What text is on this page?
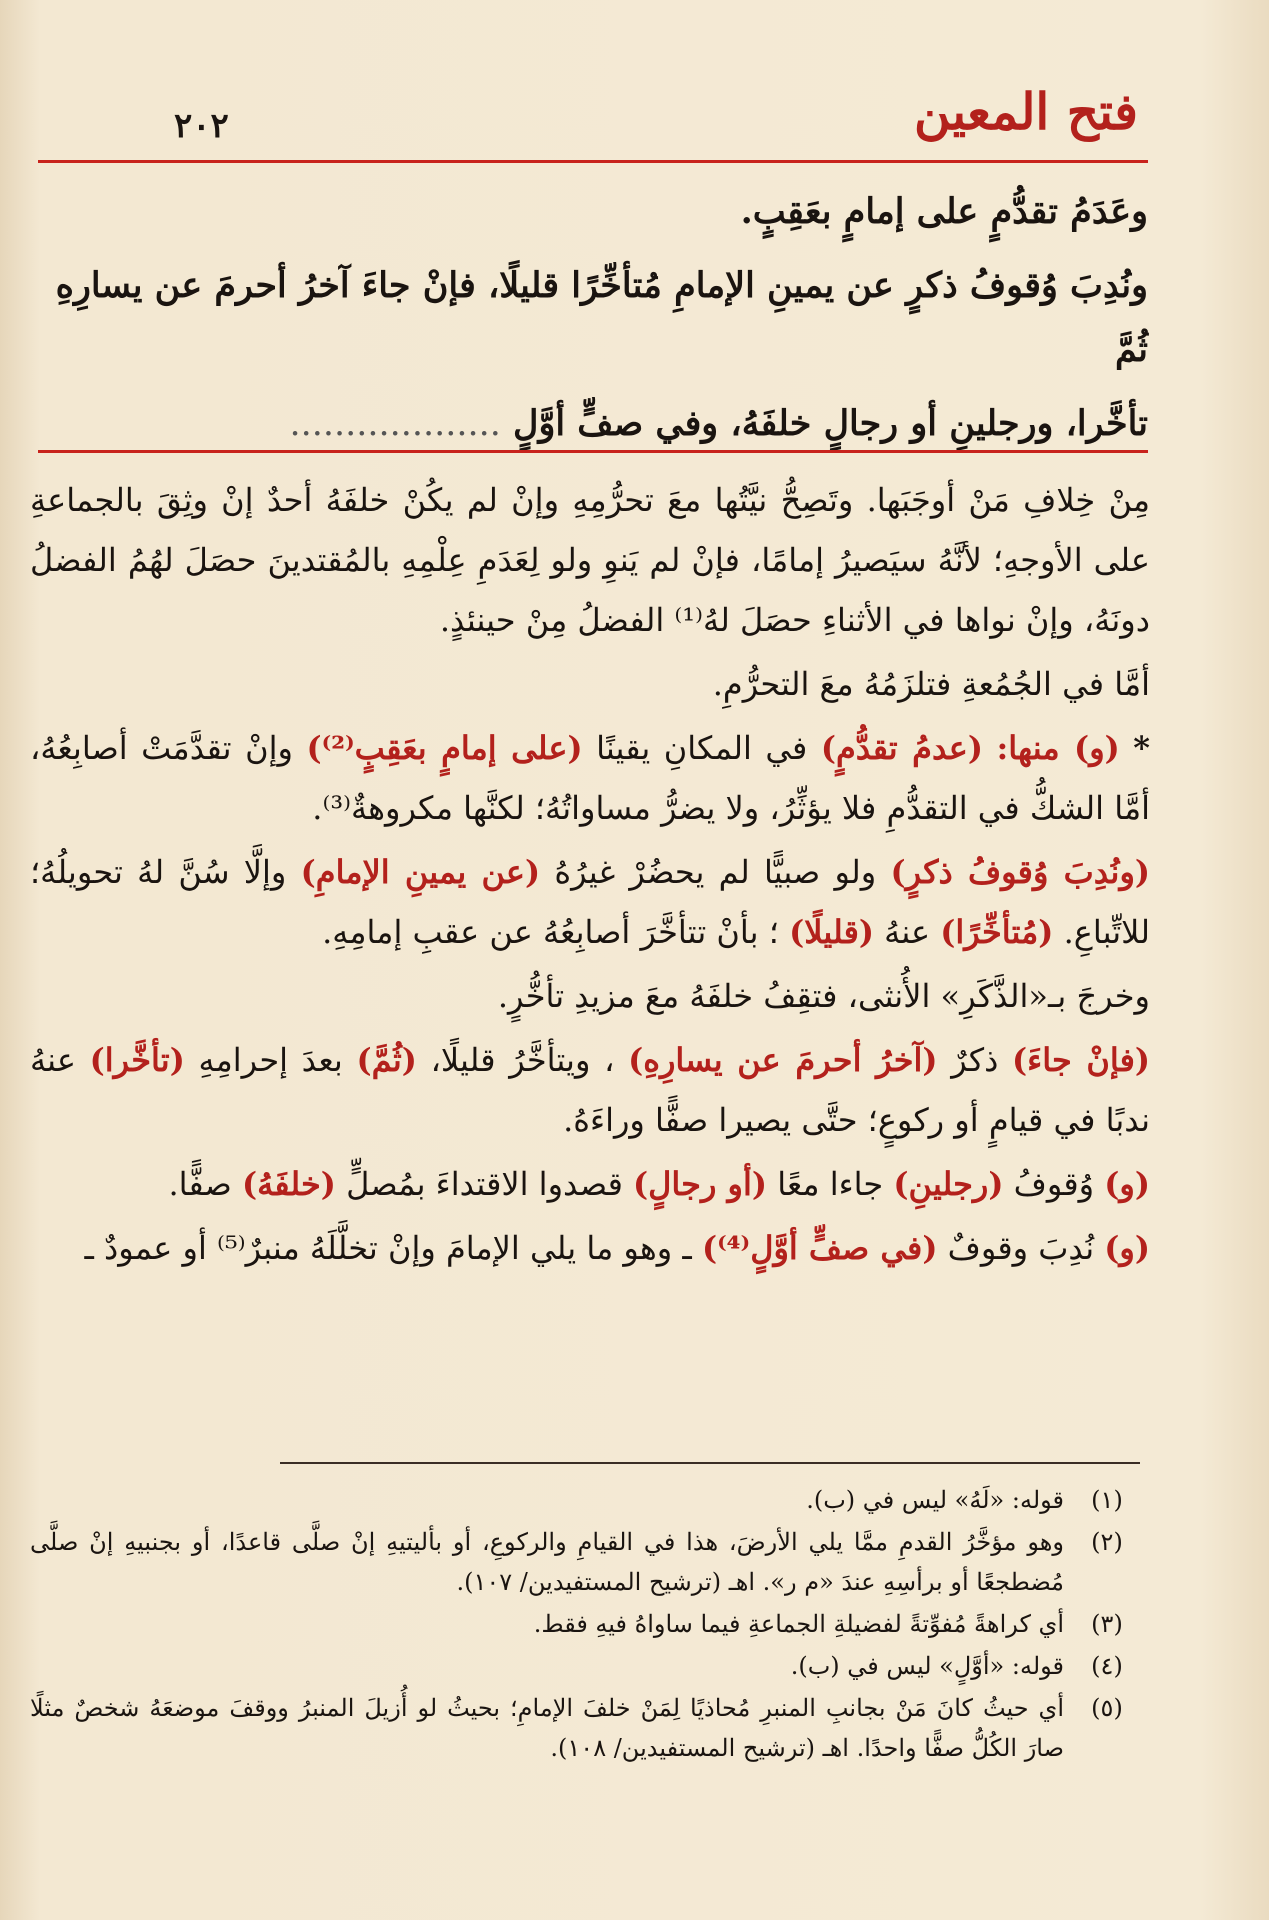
فتح المعين
٢٠٢

وعَدَمُ تقدُّمٍ على إمامٍ بعَقِبٍ.

ونُدِبَ وُقوفُ ذكرٍ عن يمينِ الإمامِ مُتأخِّرًا قليلًا، فإنْ جاءَ آخرُ أحرمَ عن يسارِهِ ثُمَّ

تأخَّرا، ورجلينِ أو رجالٍ خلفَهُ، وفي صفٍّ أوَّلٍ ...................

مِنْ خِلافِ مَنْ أوجَبَها. وتَصِحُّ نيَّتُها معَ تحرُّمِهِ وإنْ لم يكُنْ خلفَهُ أحدٌ إنْ وثِقَ بالجماعةِ على الأوجهِ؛ لأنَّهُ سيَصيرُ إمامًا، فإنْ لم يَنوِ ولو لِعَدَمِ عِلْمِهِ بالمُقتدينَ حصَلَ لهُمُ الفضلُ دونَهُ، وإنْ نواها في الأثناءِ حصَلَ لهُ⁽¹⁾ الفضلُ مِنْ حينئذٍ.

أمَّا في الجُمُعةِ فتلزَمُهُ معَ التحرُّمِ.

* (و) منها: (عدمُ تقدُّمٍ) في المكانِ يقينًا (على إمامٍ بعَقِبٍ⁽²⁾) وإنْ تقدَّمَتْ أصابِعُهُ، أمَّا الشكُّ في التقدُّمِ فلا يؤثِّرُ، ولا يضرُّ مساواتُهُ؛ لكنَّها مكروهةٌ⁽³⁾.

(ونُدِبَ وُقوفُ ذكرٍ) ولو صبيًّا لم يحضُرْ غيرُهُ (عن يمينِ الإمامِ) وإلَّا سُنَّ لهُ تحويلُهُ؛ للاتِّباعِ. (مُتأخِّرًا) عنهُ (قليلًا) ؛ بأنْ تتأخَّرَ أصابِعُهُ عن عقبِ إمامِهِ.

وخرجَ بـ«الذَّكَرِ» الأُنثى، فتقِفُ خلفَهُ معَ مزيدِ تأخُّرٍ.

(فإنْ جاءَ) ذكرٌ (آخرُ أحرمَ عن يسارِهِ) ، ويتأخَّرُ قليلًا، (ثُمَّ) بعدَ إحرامِهِ (تأخَّرا) عنهُ ندبًا في قيامٍ أو ركوعٍ؛ حتَّى يصيرا صفًّا وراءَهُ.

(و) وُقوفُ (رجلينِ) جاءا معًا (أو رجالٍ) قصدوا الاقتداءَ بمُصلٍّ (خلفَهُ) صفًّا.

(و) نُدِبَ وقوفٌ (في صفٍّ أوَّلٍ⁽⁴⁾) ـ وهو ما يلي الإمامَ وإنْ تخلَّلَهُ منبرٌ⁽⁵⁾ أو عمودٌ ـ

(١)
قوله: «لَهُ» ليس في (ب).
(٢)
وهو مؤخَّرُ القدمِ ممَّا يلي الأرضَ، هذا في القيامِ والركوعِ، أو بأليتيهِ إنْ صلَّى قاعدًا، أو بجنبيهِ إنْ صلَّى مُضطجعًا أو برأسِهِ عندَ «م ر». اهـ (ترشيح المستفيدين/ ١٠٧).
(٣)
أي كراهةً مُفوِّتةً لفضيلةِ الجماعةِ فيما ساواهُ فيهِ فقط.
(٤)
قوله: «أوَّلٍ» ليس في (ب).
(٥)
أي حيثُ كانَ مَنْ بجانبِ المنبرِ مُحاذيًا لِمَنْ خلفَ الإمامِ؛ بحيثُ لو أُزيلَ المنبرُ ووقفَ موضعَهُ شخصٌ مثلًا صارَ الكُلُّ صفًّا واحدًا. اهـ (ترشيح المستفيدين/ ١٠٨).
